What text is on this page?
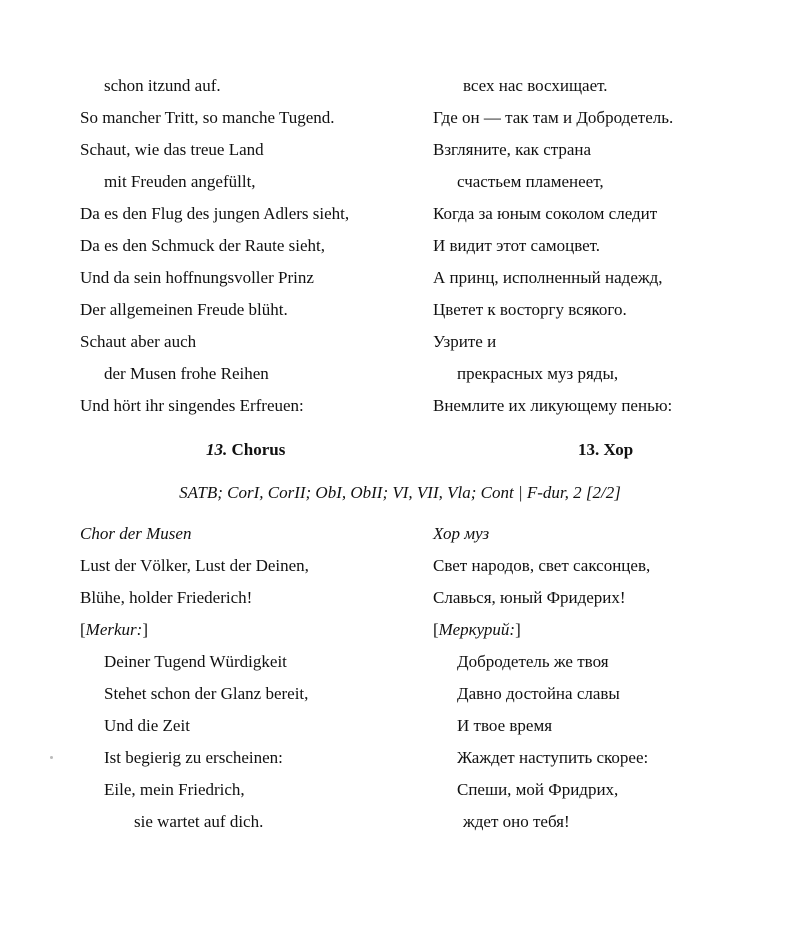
schon itzund auf.
So mancher Tritt, so manche Tugend.
Schaut, wie das treue Land
mit Freuden angefüllt,
Da es den Flug des jungen Adlers sieht,
Da es den Schmuck der Raute sieht,
Und da sein hoffnungsvoller Prinz
Der allgemeinen Freude blüht.
Schaut aber auch
der Musen frohe Reihen
Und hört ihr singendes Erfreuen:
Chor der Musen
Lust der Völker, Lust der Deinen,
Blühe, holder Friederich!
[Merkur:]
Deiner Tugend Würdigkeit
Stehet schon der Glanz bereit,
Und die Zeit
Ist begierig zu erscheinen:
Eile, mein Friedrich,
sie wartet auf dich.
всех нас восхищает.
Где он — так там и Добродетель.
Взгляните, как страна
счастьем пламенеет,
Когда за юным соколом следит
И видит этот самоцвет.
А принц, исполненный надежд,
Цветет к восторгу всякого.
Узрите и
прекрасных муз ряды,
Внемлите их ликующему пенью:
Хор муз
Свет народов, свет саксонцев,
Славься, юный Фридерих!
[Меркурий:]
Добродетель же твоя
Давно достойна славы
И твое время
Жаждет наступить скорее:
Спеши, мой Фридрих,
ждет оно тебя!
13. Chorus	13. Хор
SATB; CorI, CorII; ObI, ObII; VI, VII, Vla; Cont | F-dur, 2 [2/2]
